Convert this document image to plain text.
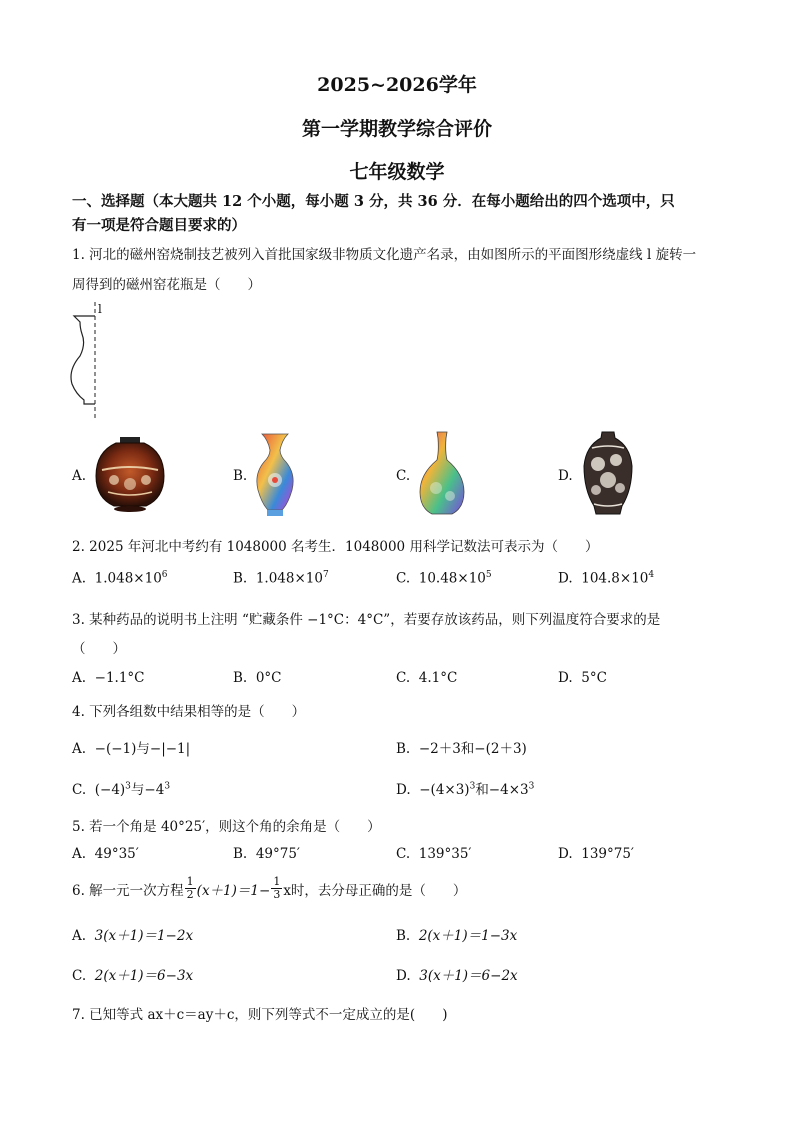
2025~2026学年
第一学期教学综合评价
七年级数学
一、选择题（本大题共 12 个小题，每小题 3 分，共 36 分．在每小题给出的四个选项中，只
有一项是符合题目要求的）
1. 河北的磁州窑烧制技艺被列入首批国家级非物质文化遗产名录，由如图所示的平面图形绕虚线 l 旋转一
周得到的磁州窑花瓶是（　　）
l
A.	B.	C.	D.
2. 2025 年河北中考约有 1048000 名考生．1048000 用科学记数法可表示为（　　）
A. $1.048\times 10^6$	B. $1.048\times 10^7$	C. $10.48\times 10^5$	D. $104.8\times 10^4$
3. 某种药品的说明书上注明 “贮藏条件 −1°C：4°C”，若要存放该药品，则下列温度符合要求的是
（　　）
A. −1.1°C	B. 0°C	C. 4.1°C	D. 5°C
4. 下列各组数中结果相等的是（　　）
A. −(−1)与−|−1|	B. −2＋3和−(2＋3)
C. $(-4)^3$与$-4^3$	D. $-(4\times 3)^3$和$-4\times 3^3$
5. 若一个角是 40°25′，则这个角的余角是（　　）
A. 49°35′	B. 49°75′	C. 139°35′	D. 139°75′
6. 解一元一次方程 $\frac{1}{2} (x+1)=1- \frac{1}{3}$ x时，去分母正确的是（　　）
A. 3(x＋1)＝1−2x	B. 2(x＋1)＝1−3x
C. 2(x＋1)＝6−3x	D. 3(x＋1)＝6−2x
7. 已知等式 ax＋c＝ay＋c，则下列等式不一定成立的是(　　)
